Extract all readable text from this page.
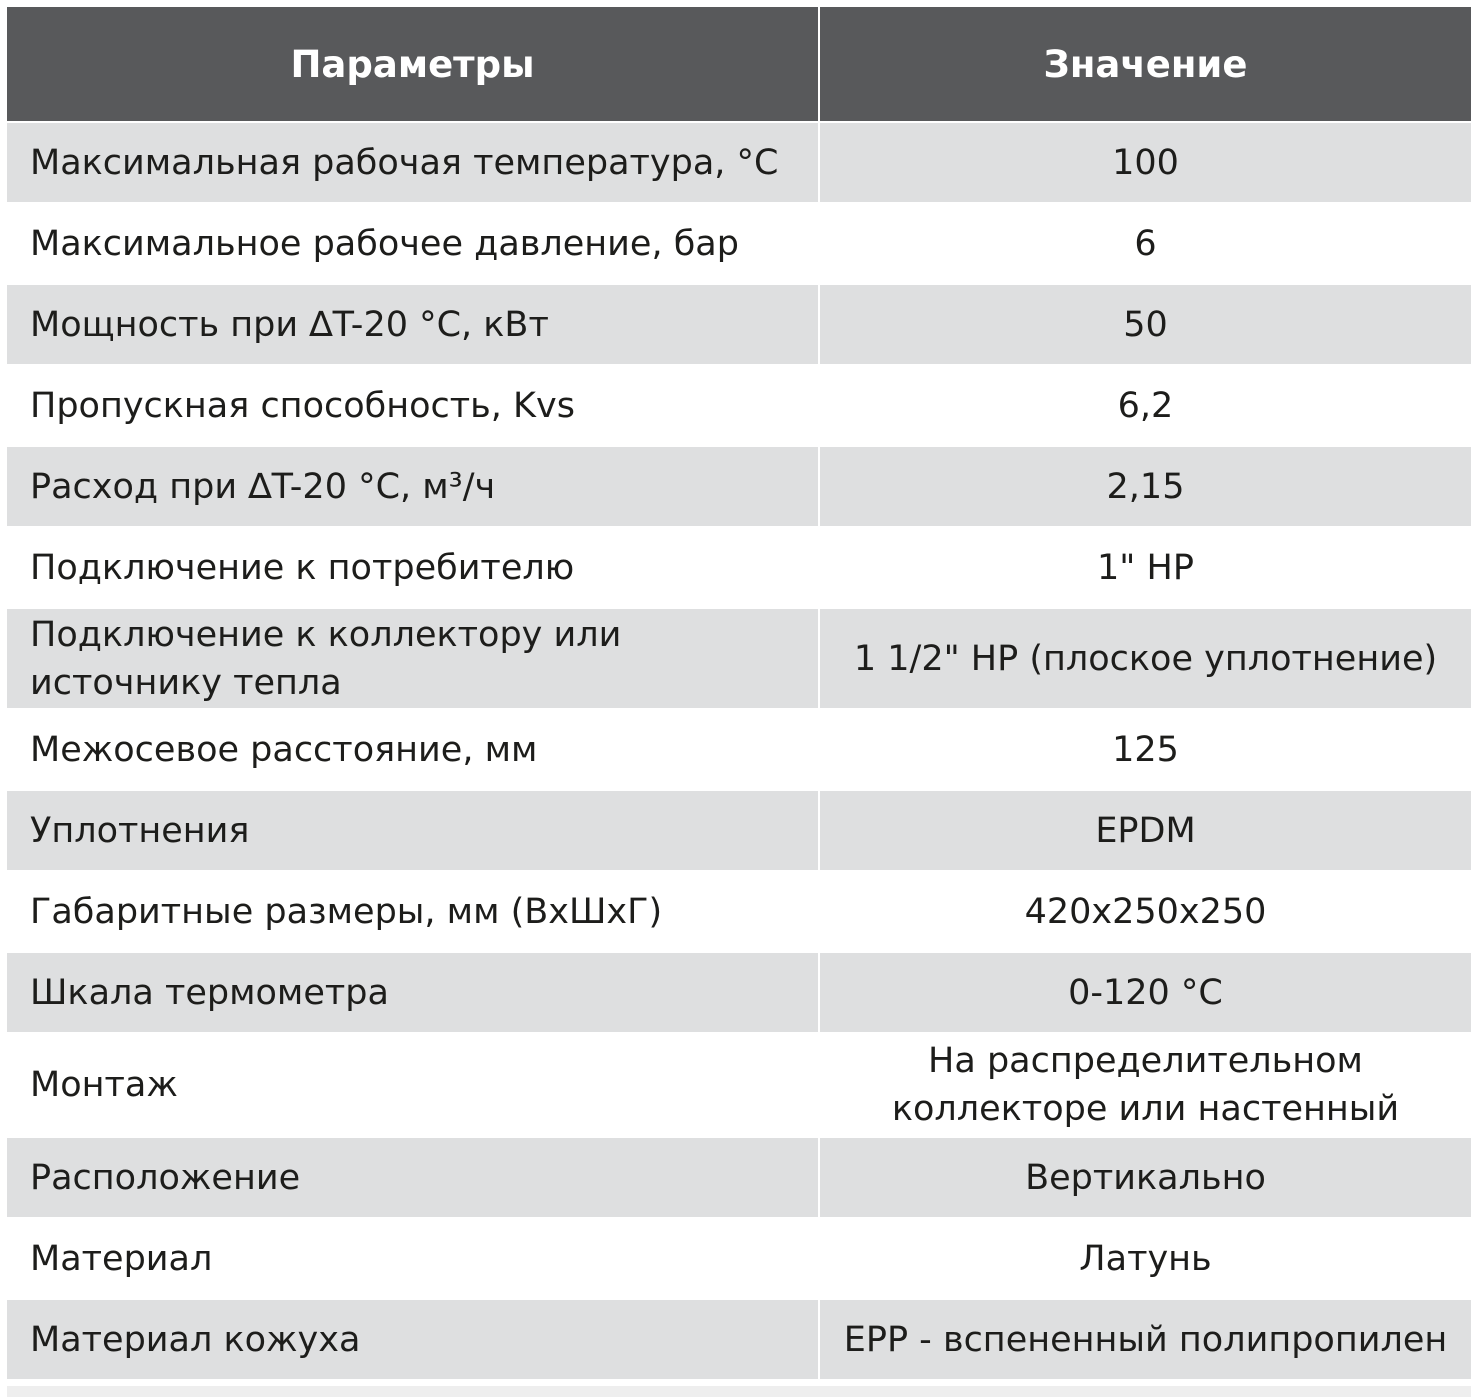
Параметры	Значение
Максимальная рабочая температура, °C	100
Максимальное рабочее давление, бар	6
Мощность при ∆T-20 °C, кВт	50
Пропускная способность, Kvs	6,2
Расход при ∆T-20 °C, м³/ч	2,15
Подключение к потребителю	1" НР
Подключение к коллектору или источнику тепла	1 1/2" НР (плоское уплотнение)
Межосевое расстояние, мм	125
Уплотнения	EPDM
Габаритные размеры, мм (ВхШхГ)	420x250x250
Шкала термометра	0-120 °C
Монтаж	На распределительном коллекторе или настенный
Расположение	Вертикально
Материал	Латунь
Материал кожуха	EPP - вспененный полипропилен
